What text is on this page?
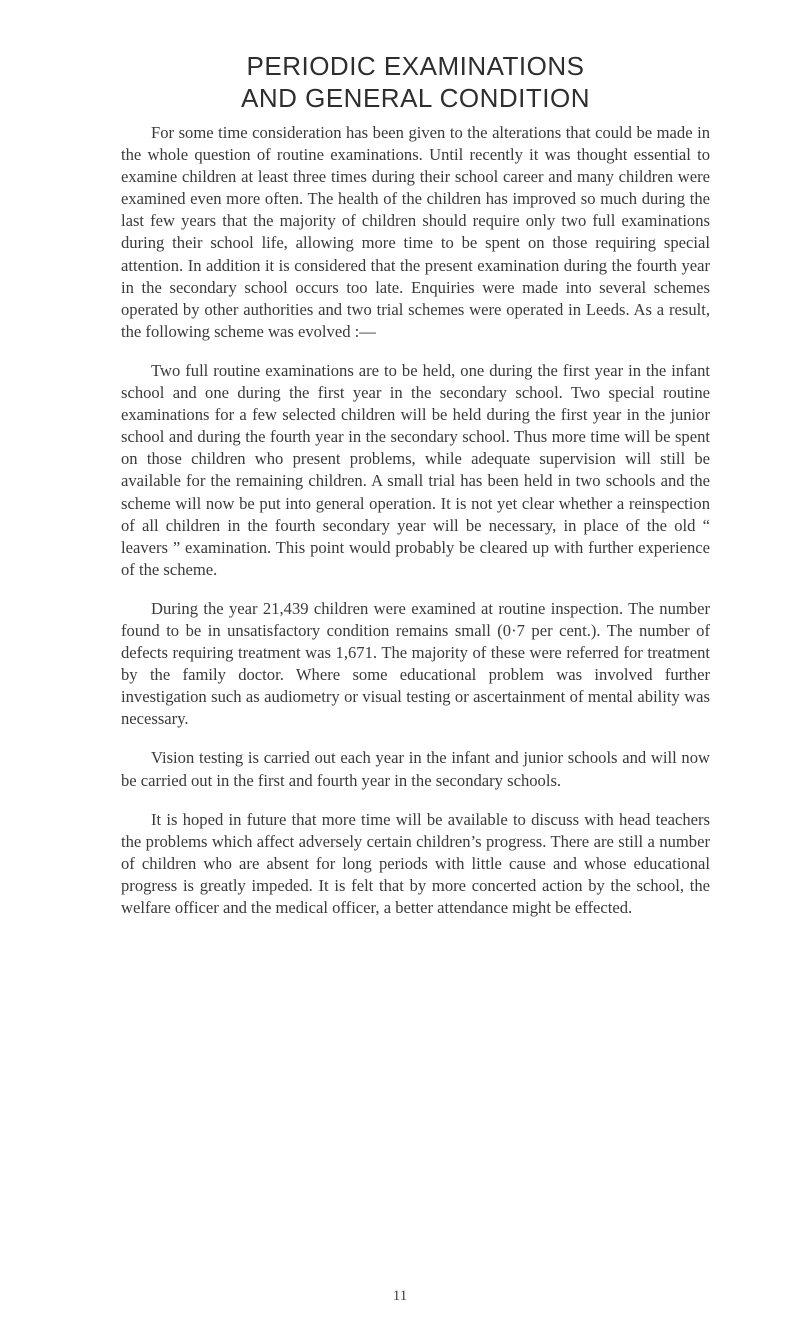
PERIODIC EXAMINATIONS
AND GENERAL CONDITION

For some time consideration has been given to the alterations that could be made in the whole question of routine examinations. Until recently it was thought essential to examine children at least three times during their school career and many children were examined even more often. The health of the children has improved so much during the last few years that the majority of children should require only two full examinations during their school life, allowing more time to be spent on those requiring special attention. In addition it is considered that the present examination during the fourth year in the secondary school occurs too late. Enquiries were made into several schemes operated by other authorities and two trial schemes were operated in Leeds. As a result, the following scheme was evolved :—

Two full routine examinations are to be held, one during the first year in the infant school and one during the first year in the secondary school. Two special routine examinations for a few selected children will be held during the first year in the junior school and during the fourth year in the secondary school. Thus more time will be spent on those children who present problems, while adequate supervision will still be available for the remaining children. A small trial has been held in two schools and the scheme will now be put into general operation. It is not yet clear whether a reinspection of all children in the fourth secondary year will be necessary, in place of the old “ leavers ” examination. This point would probably be cleared up with further experience of the scheme.

During the year 21,439 children were examined at routine inspection. The number found to be in unsatisfactory condition remains small (0·7 per cent.). The number of defects requiring treatment was 1,671. The majority of these were referred for treatment by the family doctor. Where some educational problem was involved further investigation such as audiometry or visual testing or ascertainment of mental ability was necessary.

Vision testing is carried out each year in the infant and junior schools and will now be carried out in the first and fourth year in the secondary schools.

It is hoped in future that more time will be available to discuss with head teachers the problems which affect adversely certain children’s progress. There are still a number of children who are absent for long periods with little cause and whose educational progress is greatly impeded. It is felt that by more concerted action by the school, the welfare officer and the medical officer, a better attendance might be effected.

11
